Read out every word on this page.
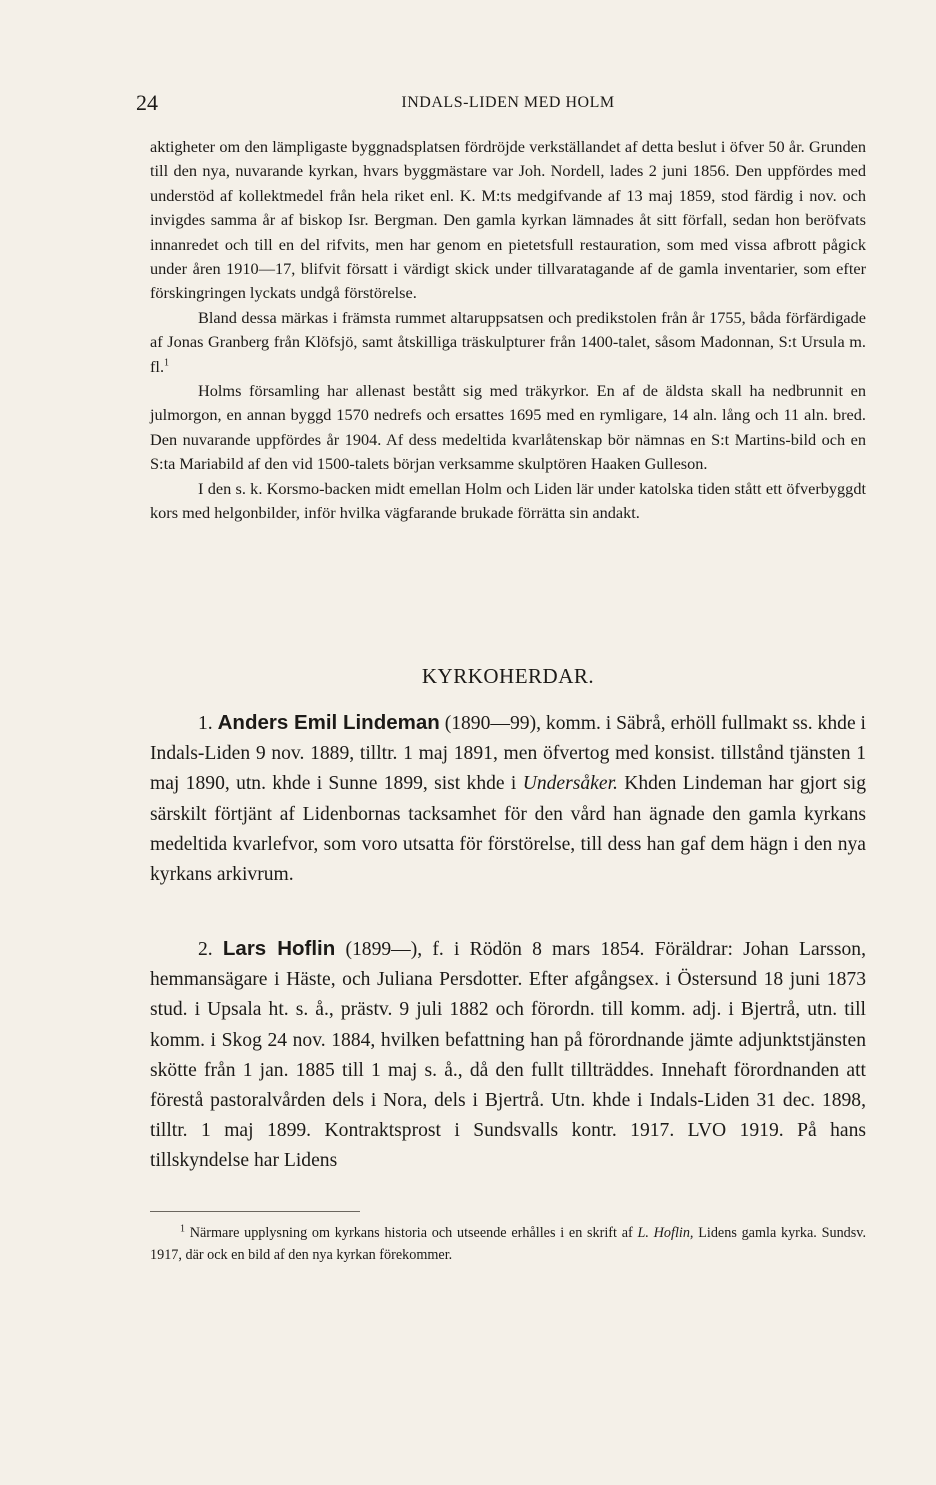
24	INDALS-LIDEN MED HOLM

aktigheter om den lämpligaste byggnadsplatsen fördröjde verkställandet af detta beslut i öfver 50 år. Grunden till den nya, nuvarande kyrkan, hvars byggmästare var Joh. Nordell, lades 2 juni 1856. Den uppfördes med understöd af kollektmedel från hela riket enl. K. M:ts medgifvande af 13 maj 1859, stod färdig i nov. och invigdes samma år af biskop Isr. Bergman. Den gamla kyrkan lämnades åt sitt förfall, sedan hon beröfvats innanredet och till en del rifvits, men har genom en pietetsfull restauration, som med vissa afbrott pågick under åren 1910—17, blifvit försatt i värdigt skick under tillvaratagande af de gamla inventarier, som efter förskingringen lyckats undgå förstörelse.

Bland dessa märkas i främsta rummet altaruppsatsen och predikstolen från år 1755, båda förfärdigade af Jonas Granberg från Klöfsjö, samt åtskilliga träskulpturer från 1400-talet, såsom Madonnan, S:t Ursula m. fl.$^1$

Holms församling har allenast bestått sig med träkyrkor. En af de äldsta skall ha nedbrunnit en julmorgon, en annan byggd 1570 nedrefs och ersattes 1695 med en rymligare, 14 aln. lång och 11 aln. bred. Den nuvarande uppfördes år 1904. Af dess medeltida kvarlåtenskap bör nämnas en S:t Martins-bild och en S:ta Mariabild af den vid 1500-talets början verksamme skulptören Haaken Gulleson.

I den s. k. Korsmo-backen midt emellan Holm och Liden lär under katolska tiden stått ett öfverbyggdt kors med helgonbilder, inför hvilka vägfarande brukade förrätta sin andakt.

KYRKOHERDAR.

1. Anders Emil Lindeman (1890—99), komm. i Säbrå, erhöll fullmakt ss. khde i Indals-Liden 9 nov. 1889, tilltr. 1 maj 1891, men öfvertog med konsist. tillstånd tjänsten 1 maj 1890, utn. khde i Sunne 1899, sist khde i Undersåker. Khden Lindeman har gjort sig särskilt förtjänt af Lidenbornas tacksamhet för den vård han ägnade den gamla kyrkans medeltida kvarlefvor, som voro utsatta för förstörelse, till dess han gaf dem hägn i den nya kyrkans arkivrum.

2. Lars Hoflin (1899—), f. i Rödön 8 mars 1854. Föräldrar: Johan Larsson, hemmansägare i Häste, och Juliana Persdotter. Efter afgångsex. i Östersund 18 juni 1873 stud. i Upsala ht. s. å., prästv. 9 juli 1882 och förordn. till komm. adj. i Bjertrå, utn. till komm. i Skog 24 nov. 1884, hvilken befattning han på förordnande jämte adjunktstjänsten skötte från 1 jan. 1885 till 1 maj s. å., då den fullt tillträddes. Innehaft förordnanden att förestå pastoralvården dels i Nora, dels i Bjertrå. Utn. khde i Indals-Liden 31 dec. 1898, tilltr. 1 maj 1899. Kontraktsprost i Sundsvalls kontr. 1917. LVO 1919. På hans tillskyndelse har Lidens

$^1$ Närmare upplysning om kyrkans historia och utseende erhålles i en skrift af L. Hoflin, Lidens gamla kyrka. Sundsv. 1917, där ock en bild af den nya kyrkan förekommer.
